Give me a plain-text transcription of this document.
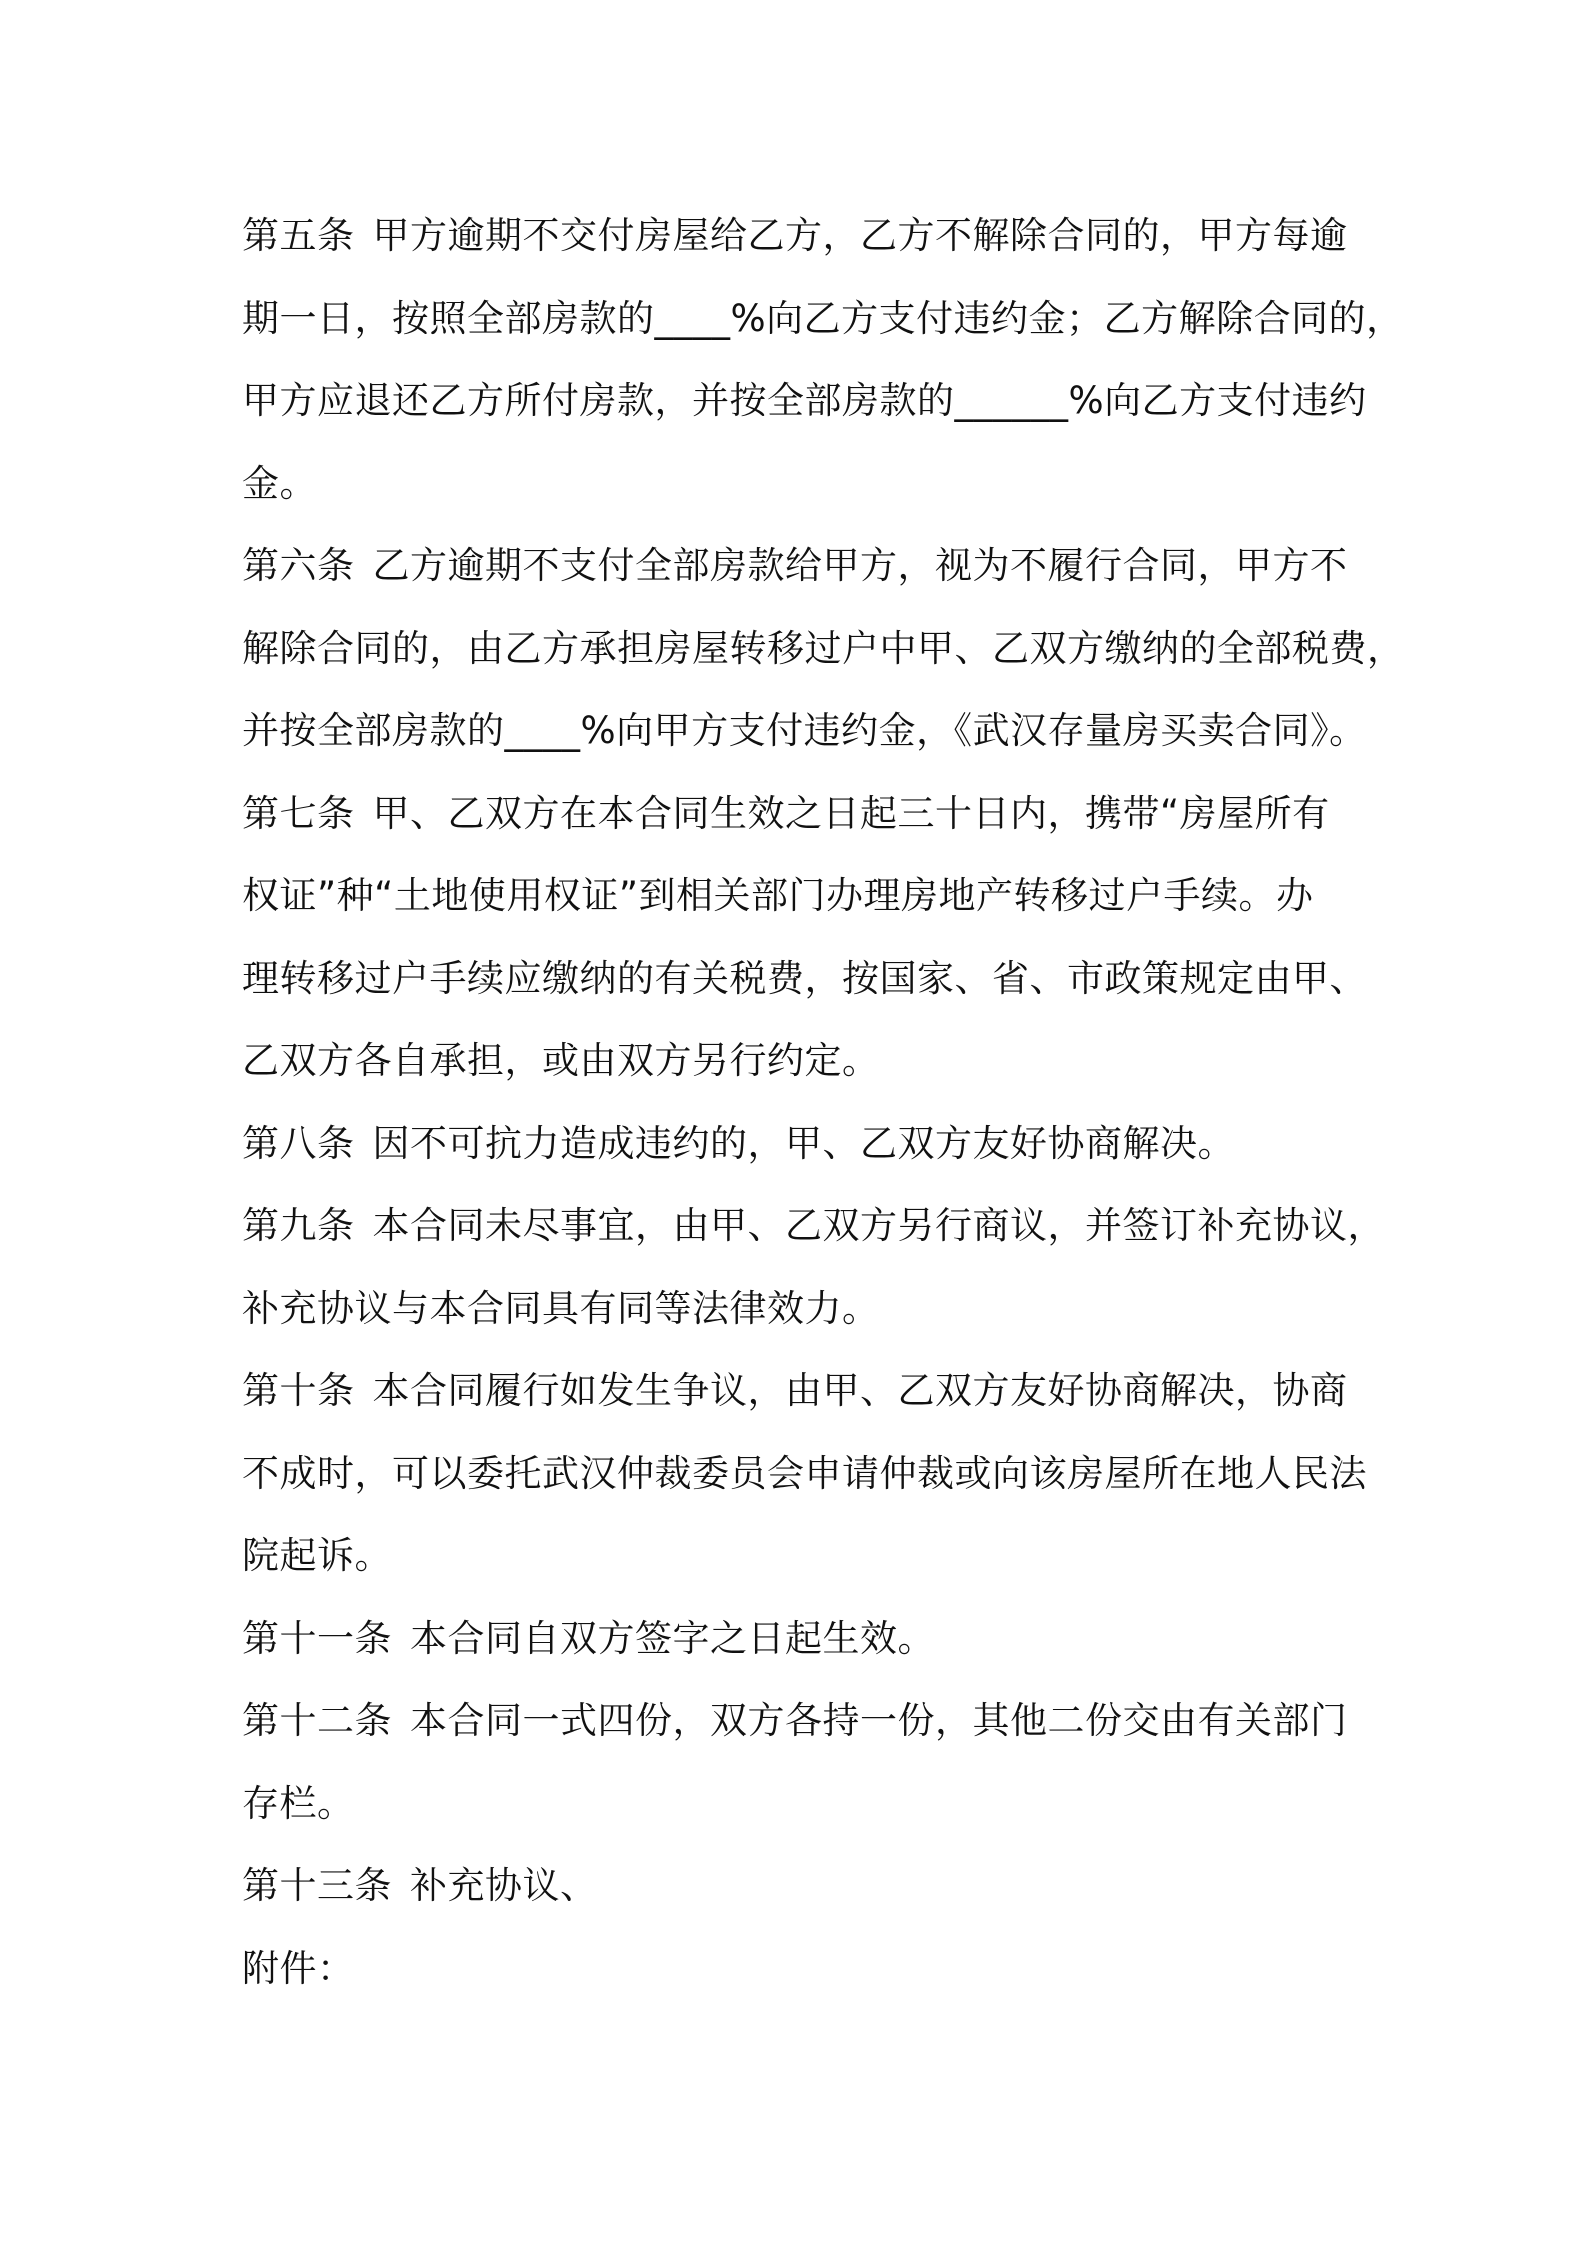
第五条 甲方逾期不交付房屋给乙方，乙方不解除合同的，甲方每逾
期一日，按照全部房款的____%向乙方支付违约金；乙方解除合同的，
甲方应退还乙方所付房款，并按全部房款的______%向乙方支付违约
金。
第六条 乙方逾期不支付全部房款给甲方，视为不履行合同，甲方不
解除合同的，由乙方承担房屋转移过户中甲、乙双方缴纳的全部税费，
并按全部房款的____%向甲方支付违约金，《武汉存量房买卖合同》。
第七条 甲、乙双方在本合同生效之日起三十日内，携带“房屋所有
权证”种“土地使用权证”到相关部门办理房地产转移过户手续。办
理转移过户手续应缴纳的有关税费，按国家、省、市政策规定由甲、
乙双方各自承担，或由双方另行约定。
第八条 因不可抗力造成违约的，甲、乙双方友好协商解决。
第九条 本合同未尽事宜，由甲、乙双方另行商议，并签订补充协议，
补充协议与本合同具有同等法律效力。
第十条 本合同履行如发生争议，由甲、乙双方友好协商解决，协商
不成时，可以委托武汉仲裁委员会申请仲裁或向该房屋所在地人民法
院起诉。
第十一条 本合同自双方签字之日起生效。
第十二条 本合同一式四份，双方各持一份，其他二份交由有关部门
存栏。
第十三条 补充协议、
附件：
